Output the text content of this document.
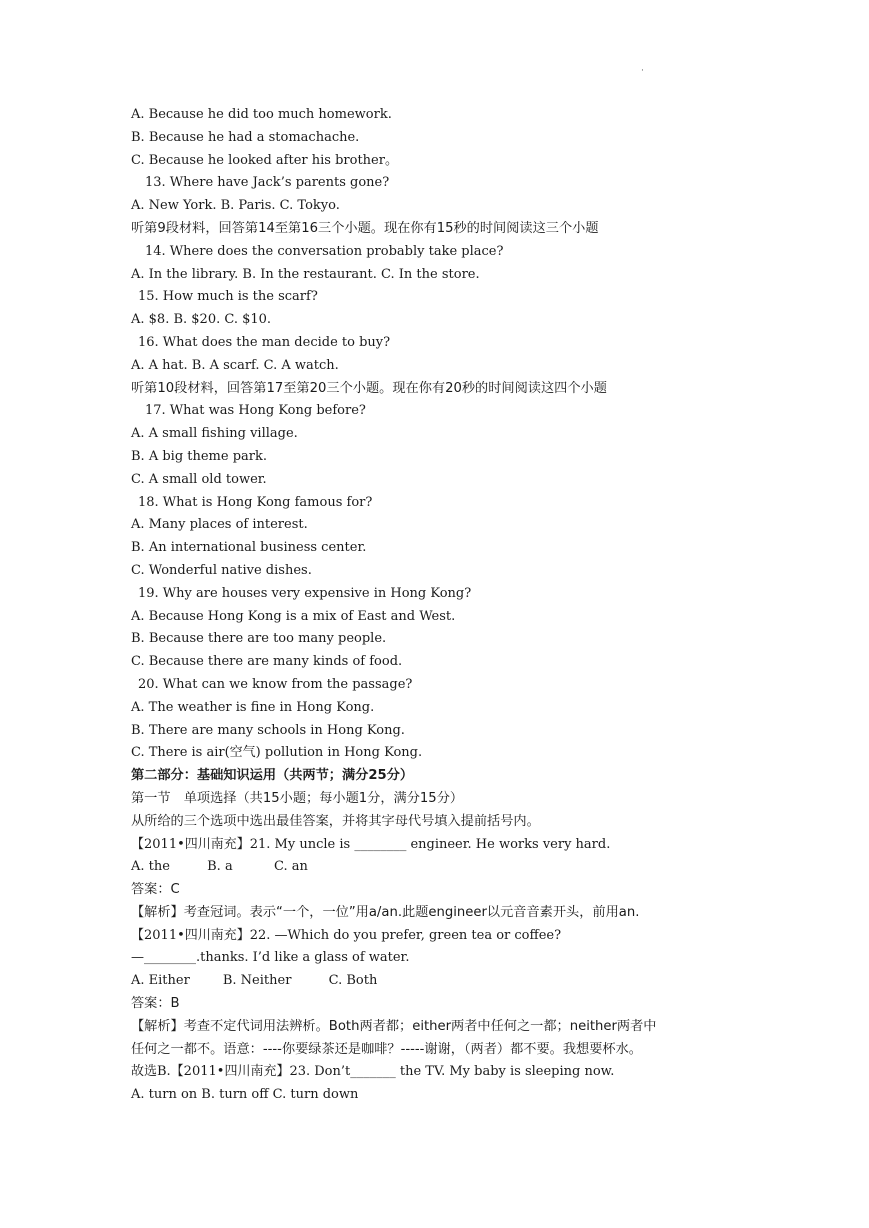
·
A. Because he did too much homework.
B. Because he had a stomachache.
C. Because he looked after his brother。
13. Where have Jack’s parents gone?
A. New York. B. Paris. C. Tokyo.
听第9段材料，回答第14至第16三个小题。现在你有15秒的时间阅读这三个小题
14. Where does the conversation probably take place?
A. In the library. B. In the restaurant. C. In the store.
15. How much is the scarf?
A. $8. B. $20. C. $10.
16. What does the man decide to buy?
A. A hat. B. A scarf. C. A watch.
听第10段材料，回答第17至第20三个小题。现在你有20秒的时间阅读这四个小题
17. What was Hong Kong before?
A. A small fishing village.
B. A big theme park.
C. A small old tower.
18. What is Hong Kong famous for?
A. Many places of interest.
B. An international business center.
C. Wonderful native dishes.
19. Why are houses very expensive in Hong Kong?
A. Because Hong Kong is a mix of East and West.
B. Because there are too many people.
C. Because there are many kinds of food.
20. What can we know from the passage?
A. The weather is fine in Hong Kong.
B. There are many schools in Hong Kong.
C. There is air(空气) pollution in Hong Kong.
第二部分：基础知识运用（共两节；满分25分）
第一节　单项选择（共15小题；每小题1分，满分15分）
从所给的三个选项中选出最佳答案，并将其字母代号填入提前括号内。
【2011•四川南充】21. My uncle is ________ engineer. He works very hard.
A. the         B. a          C. an
答案：C
【解析】考查冠词。表示“一个，一位”用a/an.此题engineer以元音音素开头，前用an.
【2011•四川南充】22. —Which do you prefer, green tea or coffee?
—________.thanks. I’d like a glass of water.
A. Either        B. Neither         C. Both
答案：B
【解析】考查不定代词用法辨析。Both两者都；either两者中任何之一都；neither两者中
任何之一都不。语意：----你要绿茶还是咖啡？-----谢谢，（两者）都不要。我想要杯水。
故选B.【2011•四川南充】23. Don’t_______ the TV. My baby is sleeping now.
A. turn on B. turn off C. turn down
